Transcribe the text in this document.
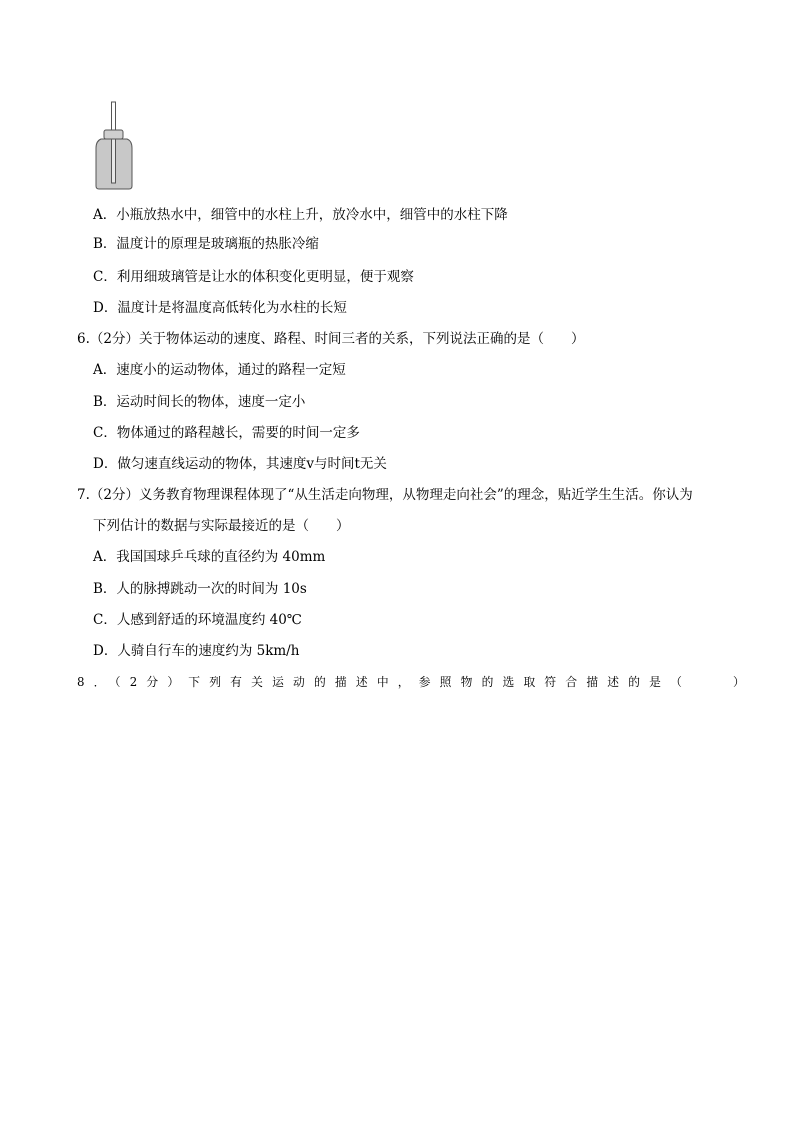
A．小瓶放热水中，细管中的水柱上升，放冷水中，细管中的水柱下降
B．温度计的原理是玻璃瓶的热胀冷缩
C．利用细玻璃管是让水的体积变化更明显，便于观察
D．温度计是将温度高低转化为水柱的长短
6.（2分）关于物体运动的速度、路程、时间三者的关系，下列说法正确的是（　　）
A．速度小的运动物体，通过的路程一定短
B．运动时间长的物体，速度一定小
C．物体通过的路程越长，需要的时间一定多
D．做匀速直线运动的物体，其速度v与时间t无关
7.（2分）义务教育物理课程体现了“从生活走向物理，从物理走向社会”的理念，贴近学生生活。你认为
下列估计的数据与实际最接近的是（　　）
A．我国国球乒乓球的直径约为 40mm
B．人的脉搏跳动一次的时间为 10s
C．人感到舒适的环境温度约 40℃
D．人骑自行车的速度约为 5km/h
8．（2分）下列有关运动的描述中，参照物的选取符合描述的是（　　）
